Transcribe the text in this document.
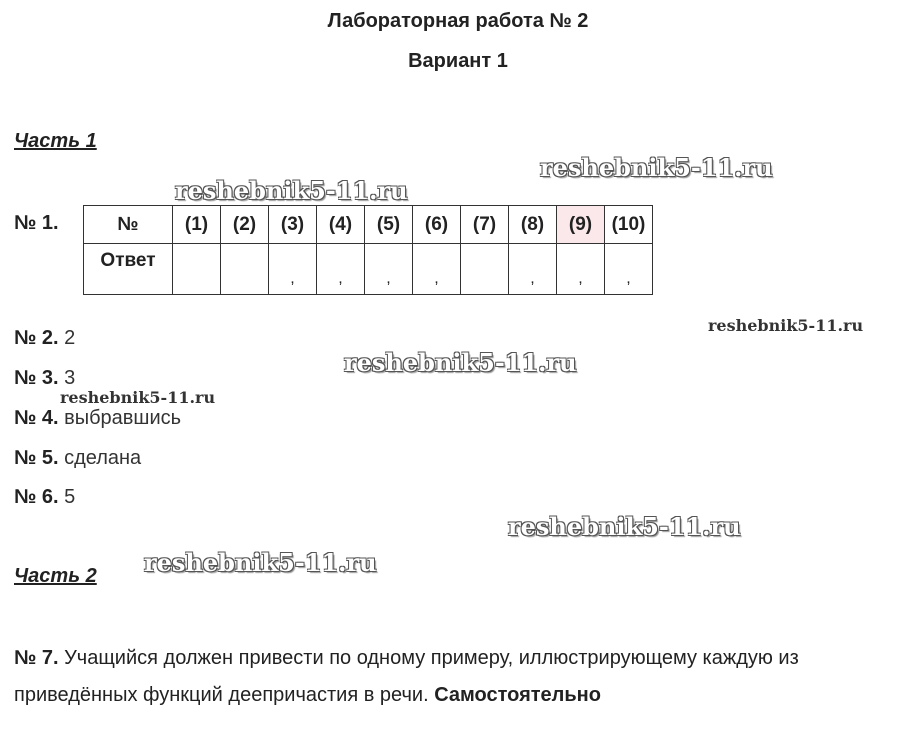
Лабораторная работа № 2
Вариант 1
Часть 1
№ 1.	№	(1)	(2)	(3)	(4)	(5)	(6)	(7)	(8)	(9)	(10)
Ответ			,	,	,	,		,	,	,
№ 2. 2
№ 3. 3
№ 4. выбравшись
№ 5. сделана
№ 6. 5
Часть 2
№ 7. Учащийся должен привести по одному примеру, иллюстрирующему каждую из приведённых функций деепричастия в речи. Самостоятельно
reshebnik5-11.ru
reshebnik5-11.ru
reshebnik5-11.ru
reshebnik5-11.ru
reshebnik5-11.ru
reshebnik5-11.ru
reshebnik5-11.ru
